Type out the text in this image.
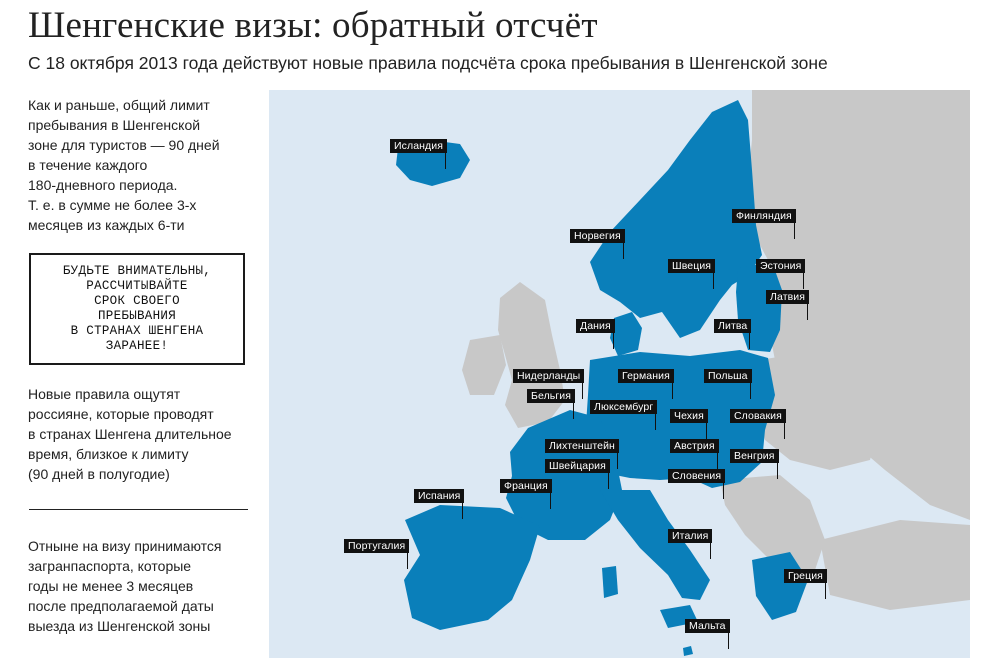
Шенгенские визы: обратный отсчёт
С 18 октября 2013 года действуют новые правила подсчёта срока пребывания в Шенгенской зоне
Как и раньше, общий лимит
пребывания в Шенгенской
зоне для туристов — 90 дней
в течение каждого
180-дневного периода.
Т. е. в сумме не более 3-х
месяцев из каждых 6-ти
БУДЬТЕ ВНИМАТЕЛЬНЫ,
РАССЧИТЫВАЙТЕ
СРОК СВОЕГО
ПРЕБЫВАНИЯ
В СТРАНАХ ШЕНГЕНА
ЗАРАНЕЕ!
Новые правила ощутят
россияне, которые проводят
в странах Шенгена длительное
время, близкое к лимиту
(90 дней в полугодие)
Отныне на визу принимаются
загранпаспорта, которые
годы не менее 3 месяцев
после предполагаемой даты
выезда из Шенгенской зоны
Исландия
Норвегия
Финляндия
Швеция	Эстония
Латвия
Дания	Литва
Нидерланды	Германия	Польша
Бельгия
Люксембург
Чехия	Словакия
Лихтенштейн	Австрия
Швейцария
Венгрия
Словения
Франция
Испания
Италия
Португалия
Греция
Мальта
